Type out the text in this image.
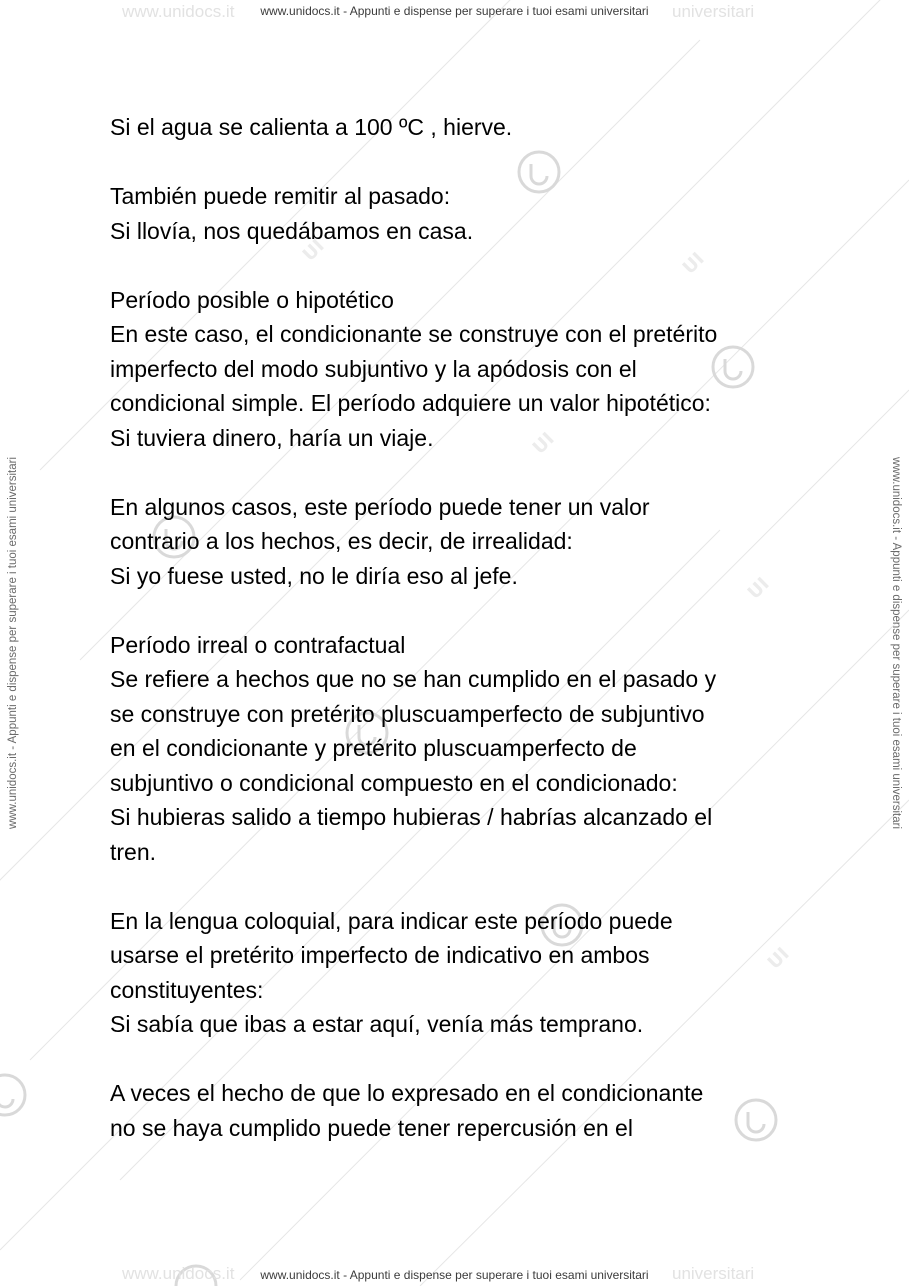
UI	UI
UI
UI
UI
www.unidocs.it	universitari
www.unidocs.it	universitari
www.unidocs.it - Appunti e dispense per superare i tuoi esami universitari
www.unidocs.it - Appunti e dispense per superare i tuoi esami universitari
www.unidocs.it - Appunti e dispense per superare i tuoi esami universitari	www.unidocs.it - Appunti e dispense per superare i tuoi esami universitari
Si el agua se calienta a 100 ºC , hierve.
También puede remitir al pasado:
Si llovía, nos quedábamos en casa.
Período posible o hipotético
En este caso, el condicionante se construye con el pretérito
imperfecto del modo subjuntivo y la apódosis con el
condicional simple. El período adquiere un valor hipotético:
Si tuviera dinero, haría un viaje.
En algunos casos, este período puede tener un valor
contrario a los hechos, es decir, de irrealidad:
Si yo fuese usted, no le diría eso al jefe.
Período irreal o contrafactual
Se refiere a hechos que no se han cumplido en el pasado y
se construye con pretérito pluscuamperfecto de subjuntivo
en el condicionante y pretérito pluscuamperfecto de
subjuntivo o condicional compuesto en el condicionado:
Si hubieras salido a tiempo hubieras / habrías alcanzado el
tren.
En la lengua coloquial, para indicar este período puede
usarse el pretérito imperfecto de indicativo en ambos
constituyentes:
Si sabía que ibas a estar aquí, venía más temprano.
A veces el hecho de que lo expresado en el condicionante
no se haya cumplido puede tener repercusión en el
